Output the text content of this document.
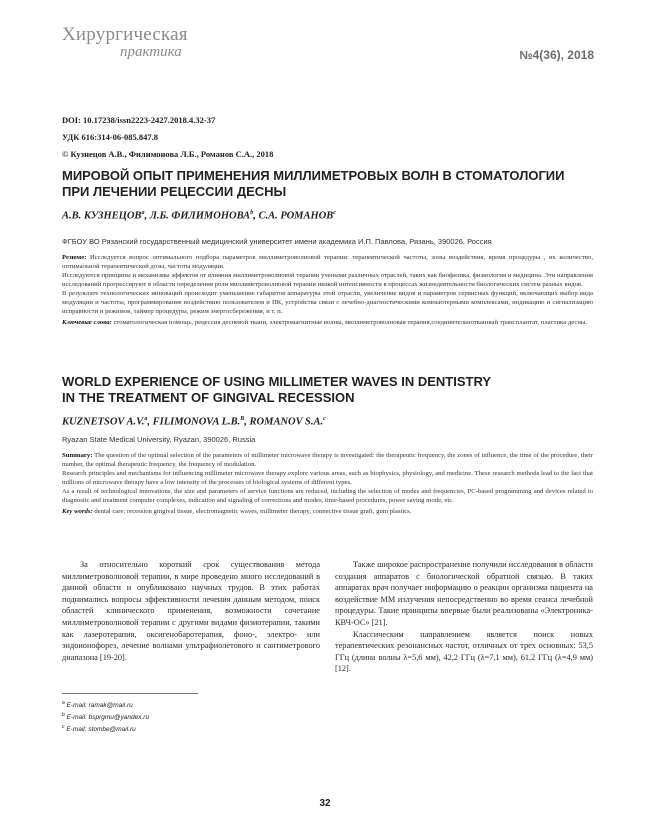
Хирургическая
практика	№4(36), 2018
DOI: 10.17238/issn2223-2427.2018.4.32-37
УДК 616:314-06-085.847.8
© Кузнецов А.В., Филимонова Л.Б., Романов С.А., 2018
МИРОВОЙ ОПЫТ ПРИМЕНЕНИЯ МИЛЛИМЕТРОВЫХ ВОЛН В СТОМАТОЛОГИИ
ПРИ ЛЕЧЕНИИ РЕЦЕССИИ ДЕСНЫ
А.В. КУЗНЕЦОВ$^a$, Л.Б. ФИЛИМОНОВА$^b$, С.А. РОМАНОВ$^c$
ФГБОУ ВО Рязанский государственный медицинский университет имени академика И.П. Павлова, Рязань, 390026, Россия
Резюме: Исследуется вопрос оптимального подбора параметров миллиметроволновой терапии: терапевтической частоты, зоны воздействия, время процедуры , их количество, оптимальной терапевтической дозы, частоты модуляции.
Исследуются принципы и механизмы эффектов от влияния миллиметроволновой терапии учеными различных отраслей, таких как биофизика, физиология и медицина. Эти направления исследований прогрессируют в области определения роли миллиметроволновой терапии низкой интенсивности в процессах жизнедеятельности биологических систем разных видов.
В результате технологических инноваций происходит уменьшение габаритов аппаратуры этой отрасли, увеличение видов и параметров сервисных функций, включающих выбор вида модуляции и частоты, программирование воздействию пользователем и ПК, устройства связи с лечебно-диагностическими компьютерными комплексами, индикацию и сигнализацию исправности и режимов, таймер процедуры, режим энергосбережения, и т. п.
Ключевые слова: стоматологическая помощь, рецессия десневой ткани, электромагнитные волны, миллиметроволновая терапия,соединительнотканный трансплантат, пластика десны.
WORLD EXPERIENCE OF USING MILLIMETER WAVES IN DENTISTRY
IN THE TREATMENT OF GINGIVAL RECESSION
KUZNETSOV A.V.$^a$, FILIMONOVA L.B.$^B$, ROMANOV S.A.$^c$
Ryazan State Medical University, Ryazan, 390026, Russia
Summary: The question of the optimal selection of the parameters of millimeter microwave therapy is investigated: the therapeutic frequency, the zones of influence, the time of the procedure, their number, the optimal therapeutic frequency, the frequency of modulation.
Research principles and mechanisms for influencing millimeter microwave therapy explore various areas, such as biophysics, physiology, and medicine. These research methods lead to the fact that millions of microwave therapy have a low intensity of the processes of biological systems of different types.
As a result of technological innovations, the size and parameters of service functions are reduced, including the selection of modes and frequencies, PC-based programming and devices related to diagnostic and treatment computer complexes, indication and signaling of corrections and modes, time-based procedures, power saving mode, etc.
Key words: dental care; recession gingival tissue, electromagnetic waves, millimeter therapy, connective tissue graft, gum plastics.

За относительно короткий срок существования метода миллиметроволновой терапии, в мире проведено много исследований в данной области и опубликовано научных трудов. В этих работах поднимались вопросы эффективности лечения данным методом, поиск областей клинического применения, возможности сочетание миллиметроволновой терапии с другими видами физиотерапии, такими как лазеротерапия, оксигенобаротерапия, фоно-, электро- или эндоионофорез, лечение волнами ультрафиолетового и сантиметрового диапазона [19-20].

Также широкое распространение получили исследования в области создания аппаратов с биологической обратной связью. В таких аппаратах врач получает информацию о реакции организма пациента на воздействие ММ излучения непосредственно во время сеанса лечебной процедуры. Такие принципы впервые были реализованы «Электроника-КВЧ-ОС» [21].

Классическим направлением является поиск новых терапевтических резонансных частот, отличных от трех основных: 53,5 ГГц (длина волны λ=5,6 мм), 42,2 ГГц (λ=7,1 мм), 61,2 ГГц (λ=4,9 мм) [12].

$^a$ E-mail: ramak@mail.ru
$^b$ E-mail: bsprgmu@yandex.ru
$^c$ E-mail: stombe@mail.ru
32
